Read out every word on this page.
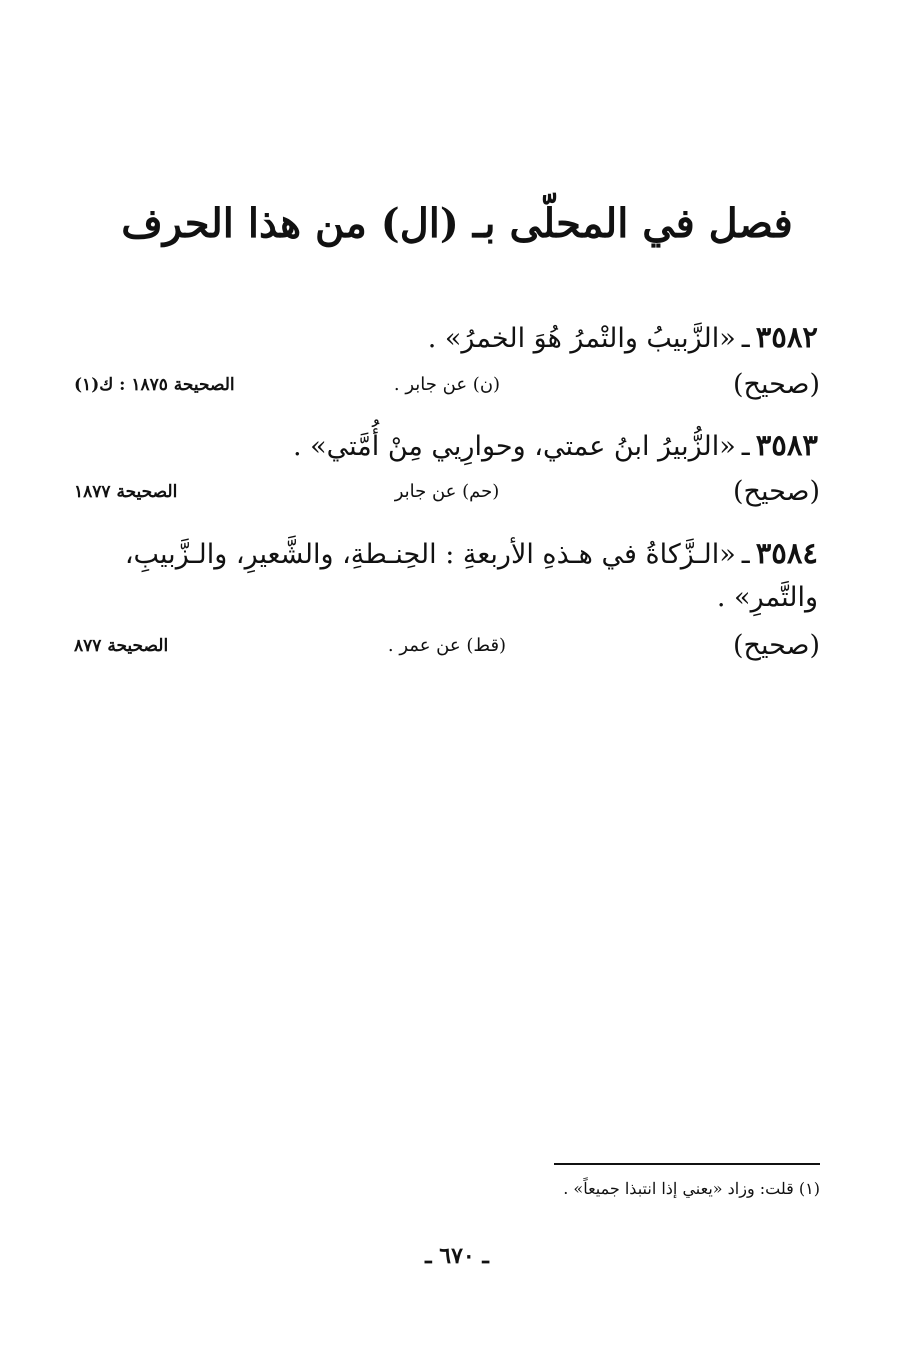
فصل في المحلّى بـ (ال) من هذا الحرف
٣٥٨٢ـ«الزَّبيبُ والتْمرُ هُوَ الخمرُ» .
(صحيح)
(ن) عن جابر .
الصحيحة ١٨٧٥ : ك(١)
٣٥٨٣ـ«الزُّبيرُ ابنُ عمتي، وحوارِيي مِنْ أُمَّتي» .
(صحيح)
(حم) عن جابر
الصحيحة ١٨٧٧
٣٥٨٤ـ«الـزَّكاةُ في هـذهِ الأربعةِ : الحِنـطةِ، والشَّعيرِ، والـزَّبيبِ، والتَّمرِ» .
(صحيح)
(قط) عن عمر .
الصحيحة ٨٧٧
(١) قلت: وزاد «يعني إذا انتبذا جميعاً» .
ـ ٦٧٠ ـ
